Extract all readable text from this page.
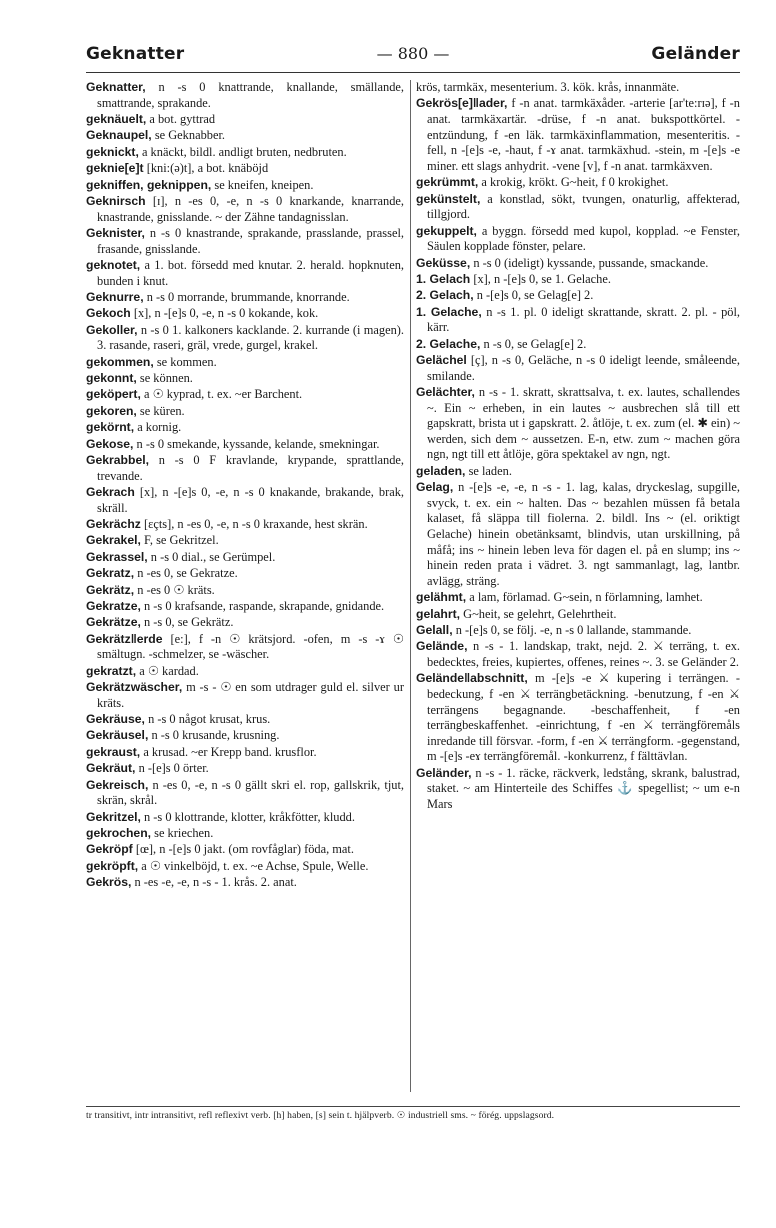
Geknatter	— 880 —	Geländer

Geknatter, n -s 0 knattrande, knallande, smällande, smattrande, sprakande.

geknäuelt, a bot. gyttrad

Geknaupel, se Geknabber.

geknickt, a knäckt, bildl. andligt bruten, nedbruten.

geknie[e]t [kni:(ə)t], a bot. knäböjd

gekniffen, geknippen, se kneifen, kneipen.

Geknirsch [ɪ], n -es 0, -e, n -s 0 knarkande, knarrande, knastrande, gnisslande. ~ der Zähne tandagnisslan.

Geknister, n -s 0 knastrande, sprakande, prasslande, prassel, frasande, gnisslande.

geknotet, a 1. bot. försedd med knutar. 2. herald. hopknuten, bunden i knut.

Geknurre, n -s 0 morrande, brummande, knorrande.

Gekoch [x], n -[e]s 0, -e, n -s 0 kokande, kok.

Gekoller, n -s 0 1. kalkoners kacklande. 2. kurrande (i magen). 3. rasande, raseri, gräl, vrede, gurgel, krakel.

gekommen, se kommen.

gekonnt, se können.

geköpert, a ☉ kyprad, t. ex. ~er Barchent.

gekoren, se küren.

gekörnt, a kornig.

Gekose, n -s 0 smekande, kyssande, kelande, smekningar.

Gekrabbel, n -s 0 F kravlande, krypande, sprattlande, trevande.

Gekrach [x], n -[e]s 0, -e, n -s 0 knakande, brakande, brak, skräll.

Gekrächz [ɛçts], n -es 0, -e, n -s 0 kraxande, hest skrän.

Gekrakel, F, se Gekritzel.

Gekrassel, n -s 0 dial., se Gerümpel.

Gekratz, n -es 0, se Gekratze.

Gekrätz, n -es 0 ☉ kräts.

Gekratze, n -s 0 krafsande, raspande, skrapande, gnidande.

Gekrätze, n -s 0, se Gekrätz.

Gekrätz‖erde [e:], f -n ☉ krätsjord. -ofen, m -s -ɤ ☉ smältugn. -schmelzer, se -wäscher.

gekratzt, a ☉ kardad.

Gekrätzwäscher, m -s - ☉ en som utdrager guld el. silver ur kräts.

Gekräuse, n -s 0 något krusat, krus.

Gekräusel, n -s 0 krusande, krusning.

gekraust, a krusad. ~er Krepp band. krusflor.

Gekräut, n -[e]s 0 örter.

Gekreisch, n -es 0, -e, n -s 0 gällt skri el. rop, gallskrik, tjut, skrän, skrål.

Gekritzel, n -s 0 klottrande, klotter, kråkfötter, kludd.

gekrochen, se kriechen.

Gekröpf [œ], n -[e]s 0 jakt. (om rovfåglar) föda, mat.

gekröpft, a ☉ vinkelböjd, t. ex. ~e Achse, Spule, Welle.

Gekrös, n -es -e, -e, n -s - 1. krås. 2. anat.

krös, tarmkäx, mesenterium. 3. kök. krås, innanmäte.

Gekrös[e]‖ader, f -n anat. tarmkäxåder. -arterie [ar'te:rɪə], f -n anat. tarmkäxartär. -drüse, f -n anat. bukspottkörtel. -entzündung, f -en läk. tarmkäxinflammation, mesenteritis. -fell, n -[e]s -e, -haut, f -ɤ anat. tarmkäxhud. -stein, m -[e]s -e miner. ett slags anhydrit. -vene [v], f -n anat. tarmkäxven.

gekrümmt, a krokig, krökt. G~heit, f 0 krokighet.

gekünstelt, a konstlad, sökt, tvungen, onaturlig, affekterad, tillgjord.

gekuppelt, a byggn. försedd med kupol, kopplad. ~e Fenster, Säulen kopplade fönster, pelare.

Geküsse, n -s 0 (ideligt) kyssande, pussande, smackande.

1. Gelach [x], n -[e]s 0, se 1. Gelache.

2. Gelach, n -[e]s 0, se Gelag[e] 2.

1. Gelache, n -s 1. pl. 0 ideligt skrattande, skratt. 2. pl. - pöl, kärr.

2. Gelache, n -s 0, se Gelag[e] 2.

Gelächel [ç], n -s 0, Geläche, n -s 0 ideligt leende, småleende, smilande.

Gelächter, n -s - 1. skratt, skrattsalva, t. ex. lautes, schallendes ~. Ein ~ erheben, in ein lautes ~ ausbrechen slå till ett gapskratt, brista ut i gapskratt. 2. åtlöje, t. ex. zum (el. ✱ ein) ~ werden, sich dem ~ aussetzen. E-n, etw. zum ~ machen göra ngn, ngt till ett åtlöje, göra spektakel av ngn, ngt.

geladen, se laden.

Gelag, n -[e]s -e, -e, n -s - 1. lag, kalas, dryckeslag, supgille, svyck, t. ex. ein ~ halten. Das ~ bezahlen müssen få betala kalaset, få släppa till fiolerna. 2. bildl. Ins ~ (el. oriktigt Gelache) hinein obetänksamt, blindvis, utan urskillning, på måfå; ins ~ hinein leben leva för dagen el. på en slump; ins ~ hinein reden prata i vädret. 3. ngt sammanlagt, lag, lantbr. avlägg, sträng.

gelähmt, a lam, förlamad. G~sein, n förlamning, lamhet.

gelahrt, G~heit, se gelehrt, Gelehrtheit.

Gelall, n -[e]s 0, se följ. -e, n -s 0 lallande, stammande.

Gelände, n -s - 1. landskap, trakt, nejd. 2. ⚔ terräng, t. ex. bedecktes, freies, kupiertes, offenes, reines ~. 3. se Geländer 2.

Gelände‖abschnitt, m -[e]s -e ⚔ kupering i terrängen. -bedeckung, f -en ⚔ terrängbetäckning. -benutzung, f -en ⚔ terrängens begagnande. -beschaffenheit, f -en terrängbeskaffenhet. -einrichtung, f -en ⚔ terrängföremåls inredande till försvar. -form, f -en ⚔ terrängform. -gegenstand, m -[e]s -eɤ terrängföremål. -konkurrenz, f fälttävlan.

Geländer, n -s - 1. räcke, räckverk, ledstång, skrank, balustrad, staket. ~ am Hinterteile des Schiffes ⚓ spegellist; ~ um e-n Mars

tr transitivt, intr intransitivt, refl reflexivt verb. [h] haben, [s] sein t. hjälpverb. ☉ industriell sms. ~ förég. uppslagsord.
